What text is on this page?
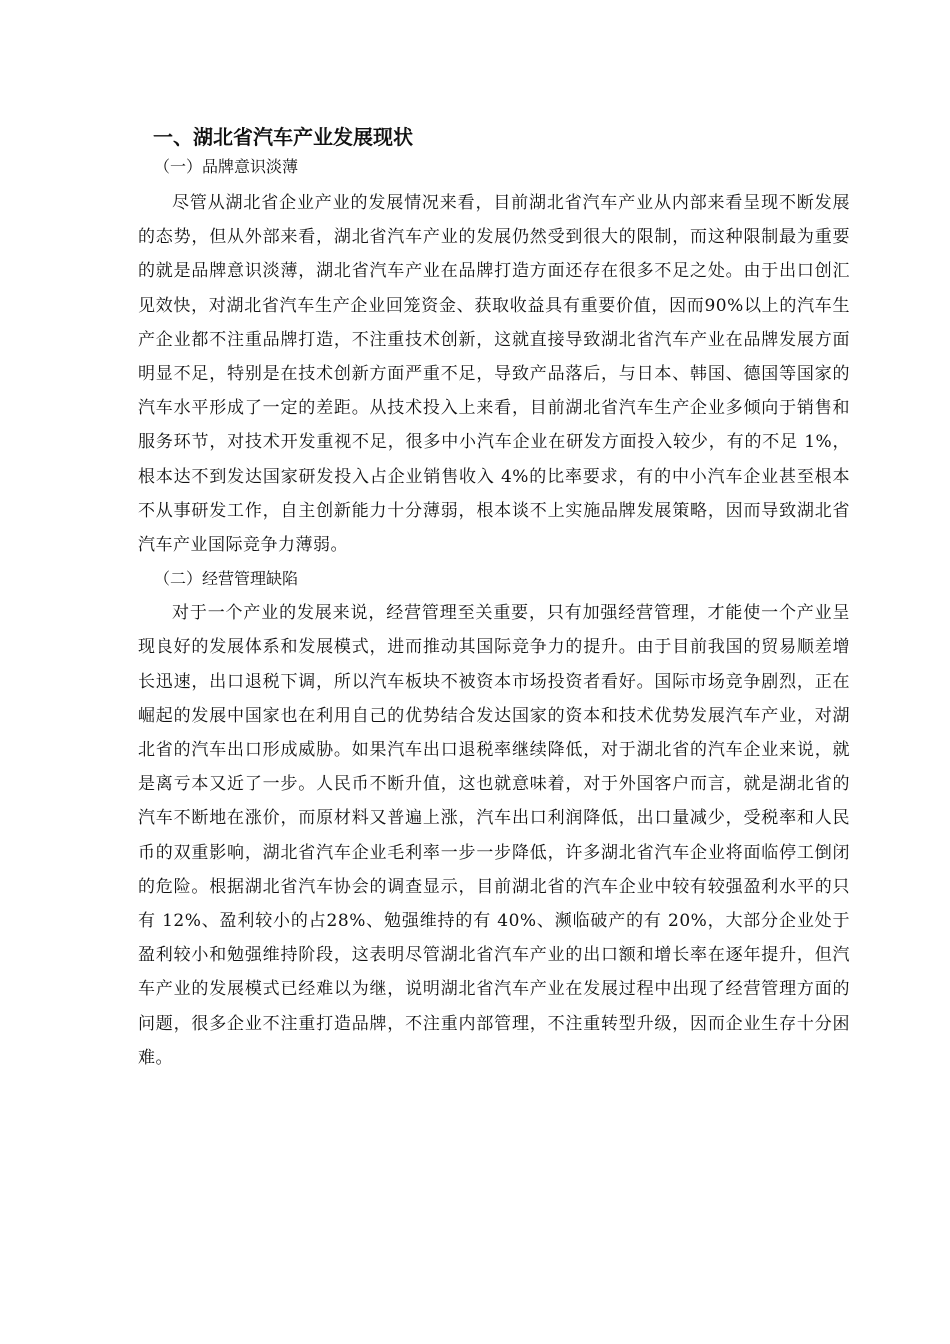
一、湖北省汽车产业发展现状
（一）品牌意识淡薄

尽管从湖北省企业产业的发展情况来看，目前湖北省汽车产业从内部来看呈现不断发展的态势，但从外部来看，湖北省汽车产业的发展仍然受到很大的限制，而这种限制最为重要的就是品牌意识淡薄，湖北省汽车产业在品牌打造方面还存在很多不足之处。由于出口创汇见效快，对湖北省汽车生产企业回笼资金、获取收益具有重要价值，因而90%以上的汽车生产企业都不注重品牌打造，不注重技术创新，这就直接导致湖北省汽车产业在品牌发展方面明显不足，特别是在技术创新方面严重不足，导致产品落后，与日本、韩国、德国等国家的汽车水平形成了一定的差距。从技术投入上来看，目前湖北省汽车生产企业多倾向于销售和服务环节，对技术开发重视不足，很多中小汽车企业在研发方面投入较少，有的不足 1%，根本达不到发达国家研发投入占企业销售收入 4%的比率要求，有的中小汽车企业甚至根本不从事研发工作，自主创新能力十分薄弱，根本谈不上实施品牌发展策略，因而导致湖北省汽车产业国际竞争力薄弱。

（二）经营管理缺陷

对于一个产业的发展来说，经营管理至关重要，只有加强经营管理，才能使一个产业呈现良好的发展体系和发展模式，进而推动其国际竞争力的提升。由于目前我国的贸易顺差增长迅速，出口退税下调，所以汽车板块不被资本市场投资者看好。国际市场竞争剧烈，正在崛起的发展中国家也在利用自己的优势结合发达国家的资本和技术优势发展汽车产业，对湖北省的汽车出口形成威胁。如果汽车出口退税率继续降低，对于湖北省的汽车企业来说，就是离亏本又近了一步。人民币不断升值，这也就意味着，对于外国客户而言，就是湖北省的汽车不断地在涨价，而原材料又普遍上涨，汽车出口利润降低，出口量减少，受税率和人民币的双重影响，湖北省汽车企业毛利率一步一步降低，许多湖北省汽车企业将面临停工倒闭的危险。根据湖北省汽车协会的调查显示，目前湖北省的汽车企业中较有较强盈利水平的只有 12%、盈利较小的占28%、勉强维持的有 40%、濒临破产的有 20%，大部分企业处于盈利较小和勉强维持阶段，这表明尽管湖北省汽车产业的出口额和增长率在逐年提升，但汽车产业的发展模式已经难以为继，说明湖北省汽车产业在发展过程中出现了经营管理方面的问题，很多企业不注重打造品牌，不注重内部管理，不注重转型升级，因而企业生存十分困难。
